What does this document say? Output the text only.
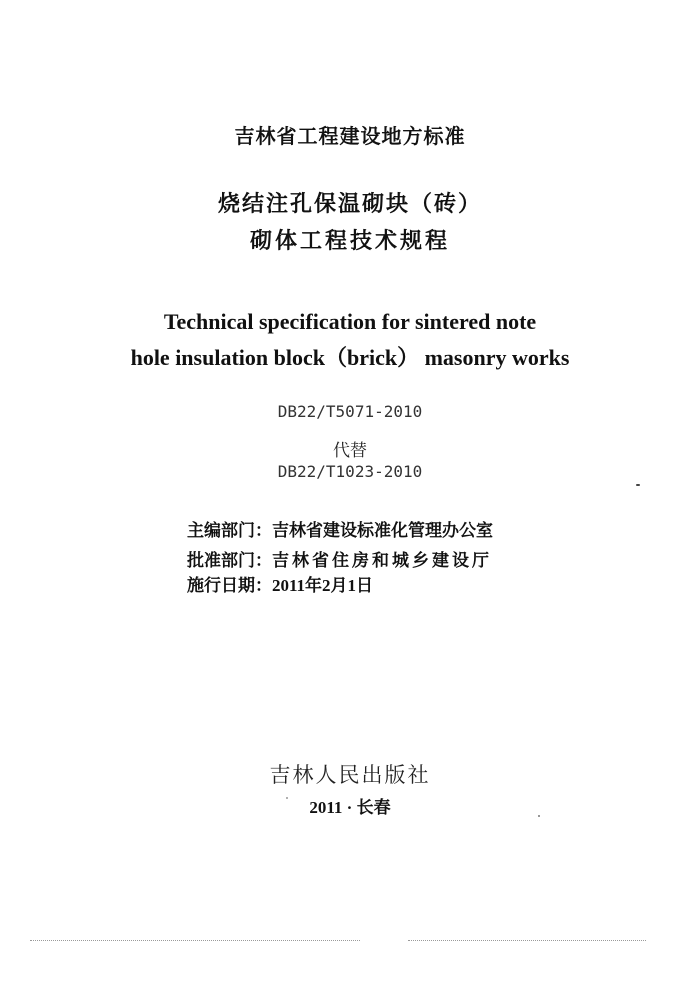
吉林省工程建设地方标准
烧结注孔保温砌块（砖）
砌体工程技术规程
Technical specification for sintered note
hole insulation block（brick） masonry works
DB22/T5071-2010
代替
DB22/T1023-2010
主编部门：吉林省建设标准化管理办公室
批准部门：吉林省住房和城乡建设厅
施行日期：2011年2月1日
吉林人民出版社
2011 · 长春
